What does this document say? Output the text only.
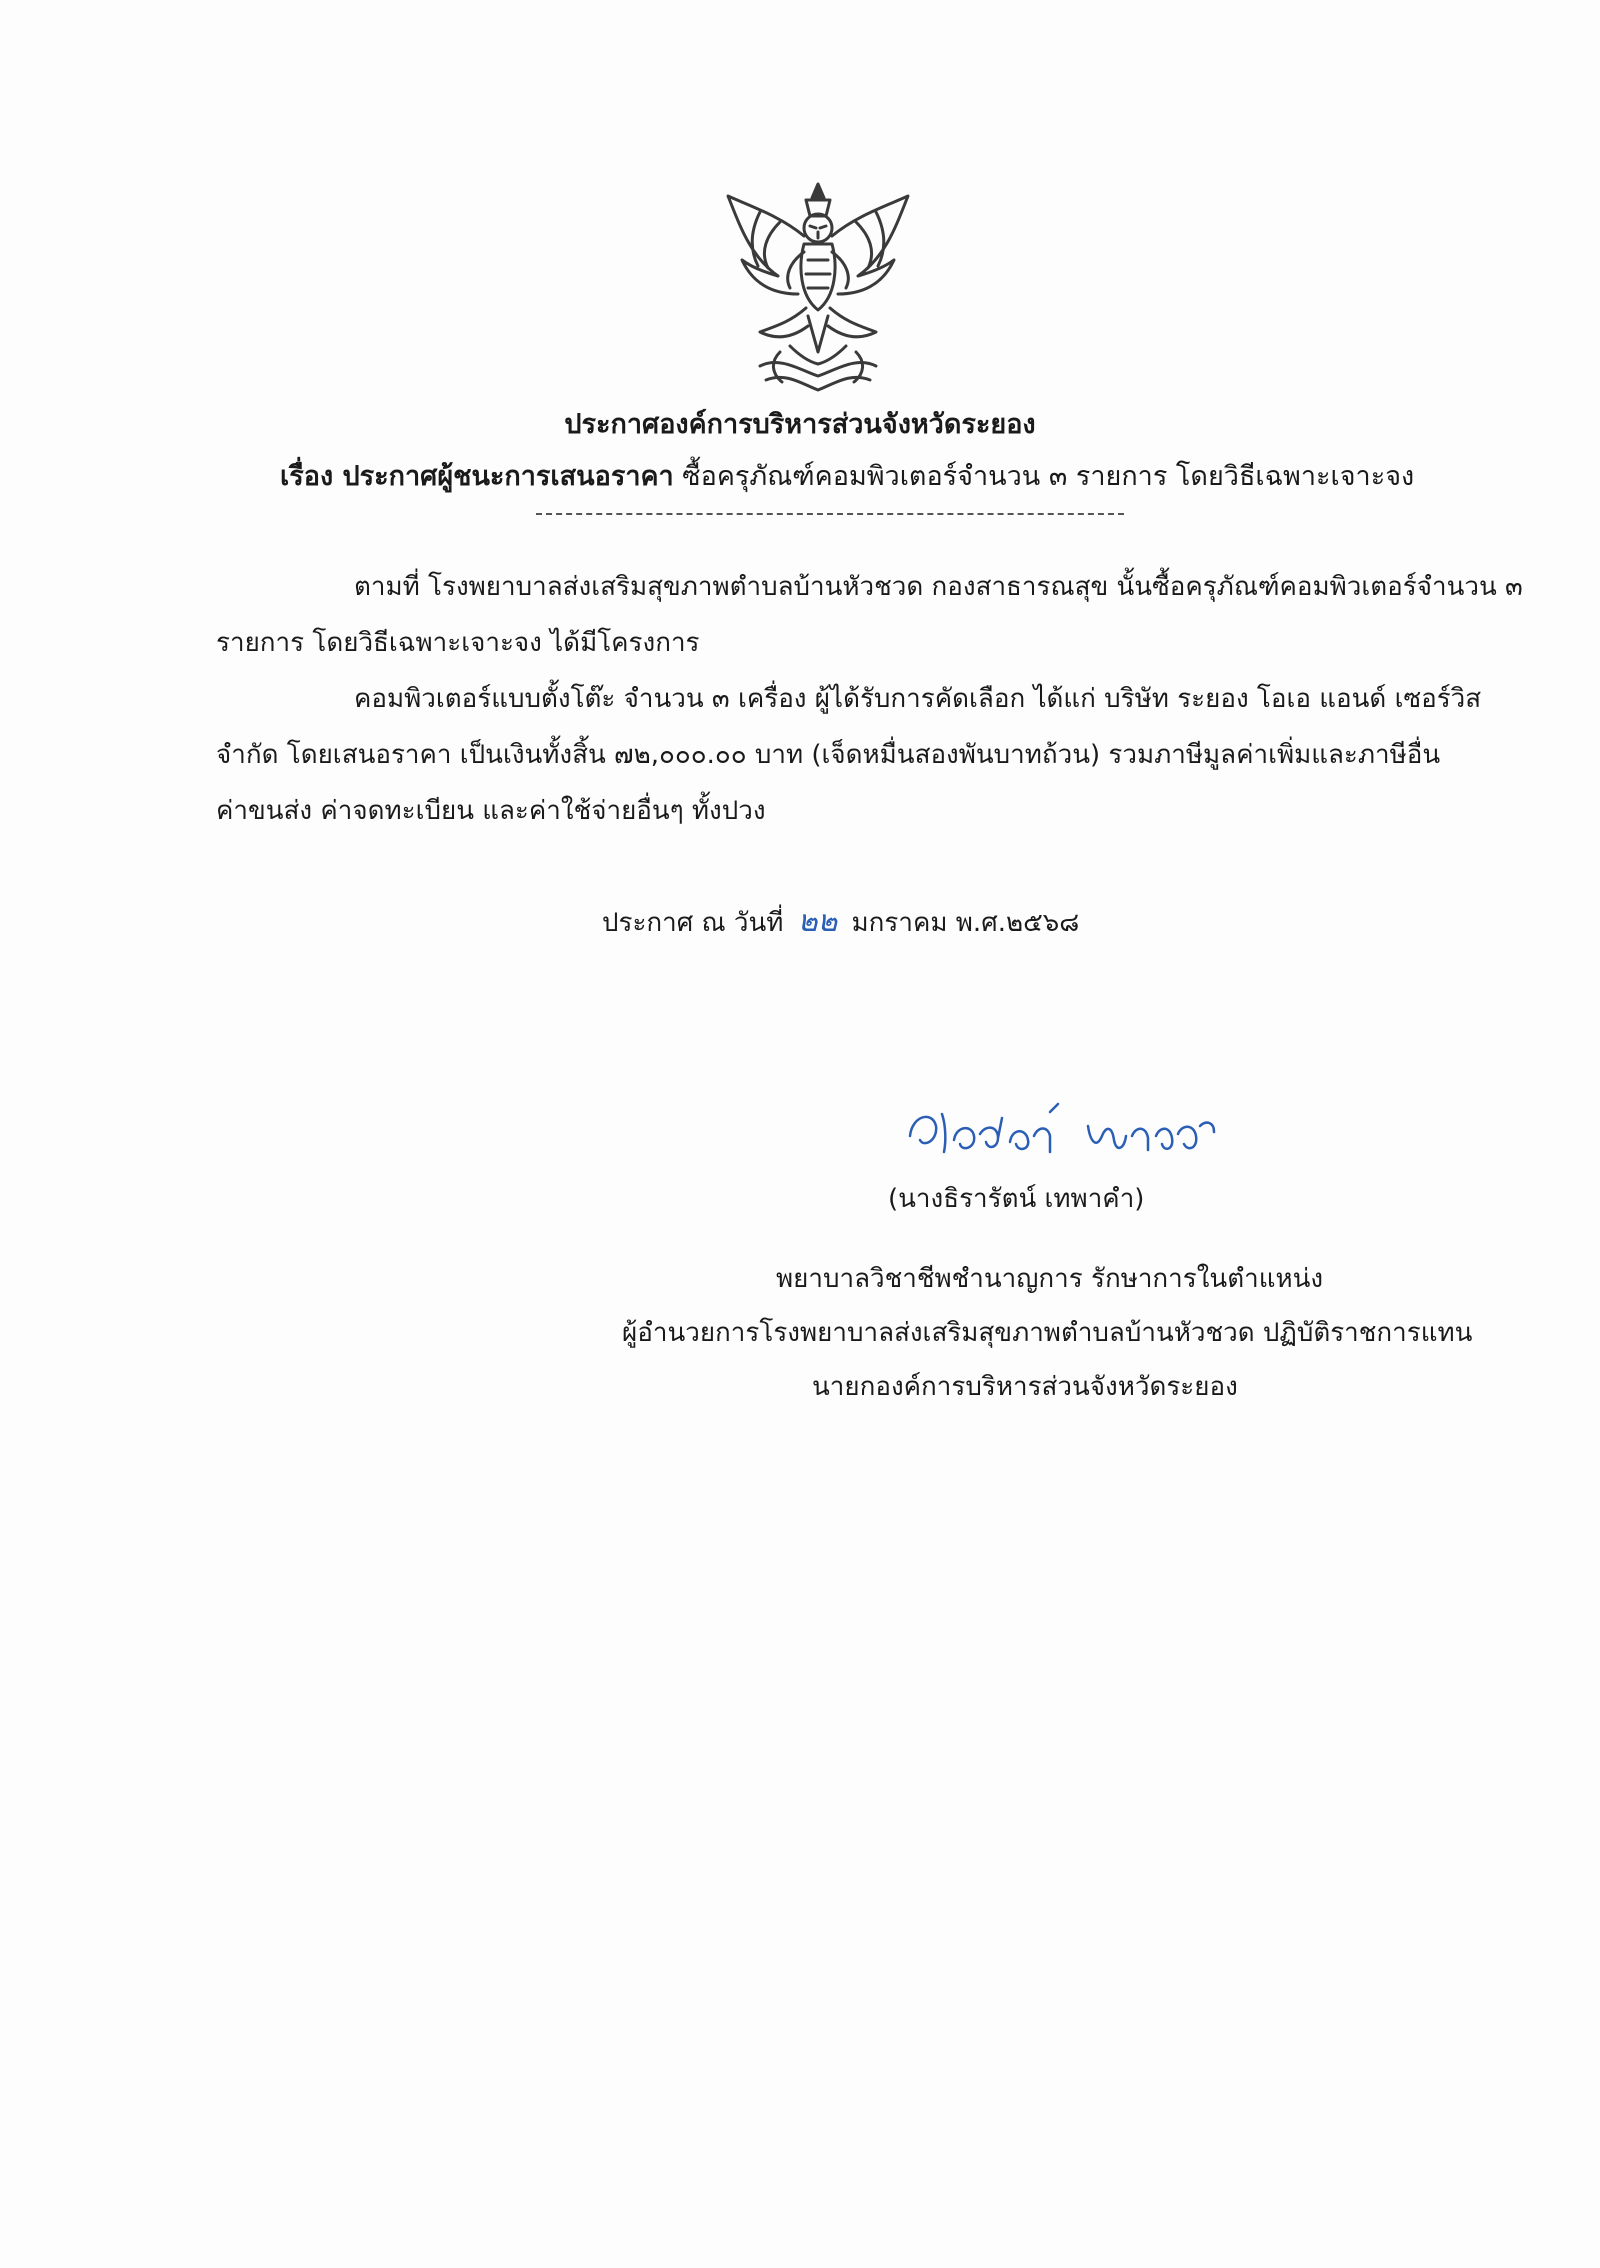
ประกาศองค์การบริหารส่วนจังหวัดระยอง
เรื่อง ประกาศผู้ชนะการเสนอราคา ซื้อครุภัณฑ์คอมพิวเตอร์จำนวน ๓ รายการ โดยวิธีเฉพาะเจาะจง
ตามที่ โรงพยาบาลส่งเสริมสุขภาพตำบลบ้านหัวชวด กองสาธารณสุข นั้นซื้อครุภัณฑ์คอมพิวเตอร์จำนวน ๓
รายการ โดยวิธีเฉพาะเจาะจง ได้มีโครงการ
คอมพิวเตอร์แบบตั้งโต๊ะ จำนวน ๓ เครื่อง ผู้ได้รับการคัดเลือก ได้แก่ บริษัท ระยอง โอเอ แอนด์ เซอร์วิส
จำกัด โดยเสนอราคา เป็นเงินทั้งสิ้น ๗๒,๐๐๐.๐๐ บาท (เจ็ดหมื่นสองพันบาทถ้วน) รวมภาษีมูลค่าเพิ่มและภาษีอื่น
ค่าขนส่ง ค่าจดทะเบียน และค่าใช้จ่ายอื่นๆ ทั้งปวง
ประกาศ ณ วันที่ ๒๒ มกราคม พ.ศ.๒๕๖๘
(นางธิรารัตน์ เทพาคำ)
พยาบาลวิชาชีพชำนาญการ รักษาการในตำแหน่ง
ผู้อำนวยการโรงพยาบาลส่งเสริมสุขภาพตำบลบ้านหัวชวด ปฏิบัติราชการแทน
นายกองค์การบริหารส่วนจังหวัดระยอง
